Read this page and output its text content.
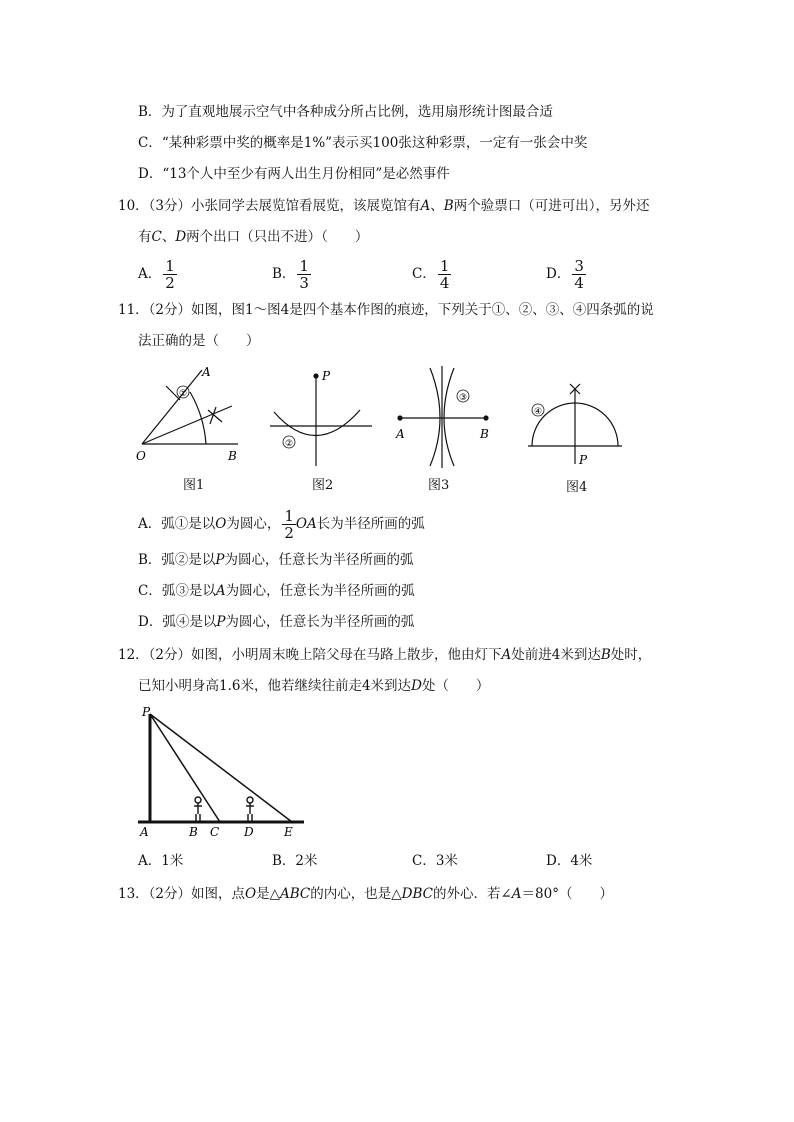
B．为了直观地展示空气中各种成分所占比例，选用扇形统计图最合适
C．“某种彩票中奖的概率是1%”表示买100张这种彩票，一定有一张会中奖
D．“13个人中至少有两人出生月份相同”是必然事件
10．（3分）小张同学去展览馆看展览，该展览馆有A、B两个验票口（可进可出），另外还
有C、D两个出口（只出不进）（　　）
A． $\frac{1}{2}$	B． $\frac{1}{3}$	C． $\frac{1}{4}$	D． $\frac{3}{4}$
11．（2分）如图，图1～图4是四个基本作图的痕迹，下列关于①、②、③、④四条弧的说
法正确的是（　　）
①
A
O	B
图1
P
②
图2
A	B
③
图3
④
P
图4
A．弧①是以O为圆心， $\frac{1}{2}$ OA长为半径所画的弧
B．弧②是以P为圆心，任意长为半径所画的弧
C．弧③是以A为圆心，任意长为半径所画的弧
D．弧④是以P为圆心，任意长为半径所画的弧
12．（2分）如图，小明周末晚上陪父母在马路上散步，他由灯下A处前进4米到达B处时，
已知小明身高1.6米，他若继续往前走4米到达D处（　　）
P
A	B C D	E
A．1米	B．2米	C．3米	D．4米
13．（2分）如图，点O是△ABC的内心，也是△DBC的外心．若∠A＝80°（　　）
